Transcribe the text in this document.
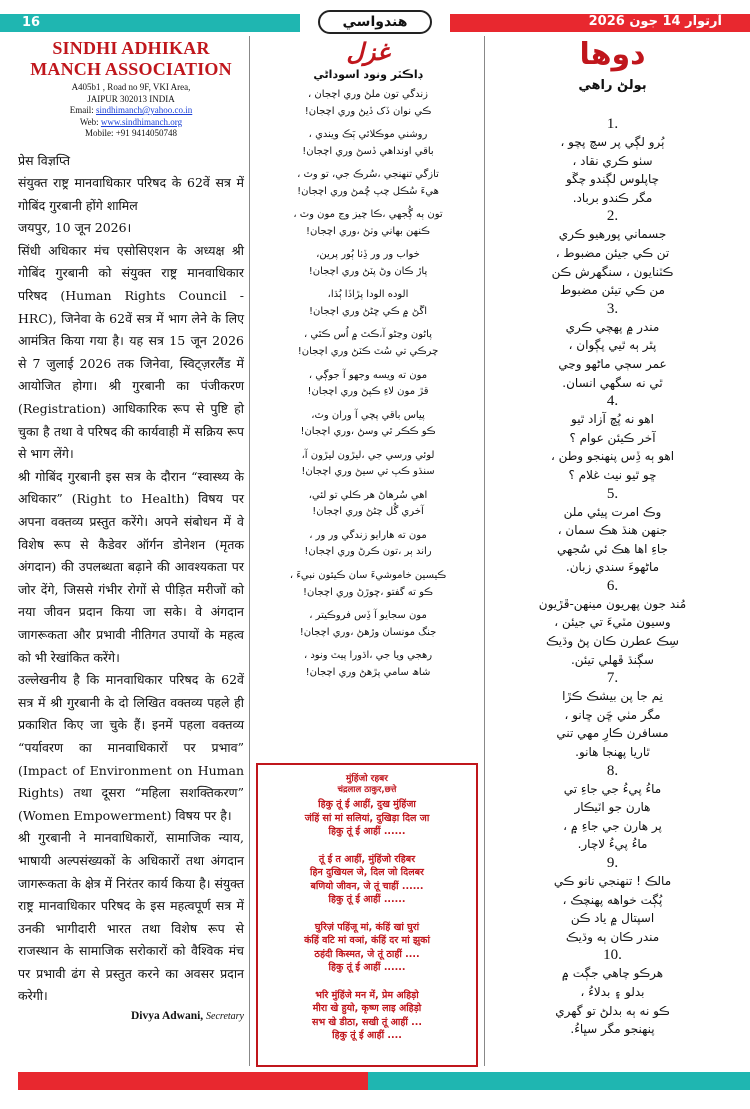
16	ھندواسي	آرتوار 14 جون 2026
SINDHI ADHIKAR
MANCH ASSOCIATION
A405b1 , Road no 9F, VKI Area,
JAIPUR 302013 INDIA
Email: sindhimanch@yahoo.co.in
Web: www.sindhimanch.org
Mobile: +91 9414050748

प्रेस विज्ञप्ति

संयुक्त राष्ट्र मानवाधिकार परिषद के 62वें सत्र में गोबिंद गुरबानी होंगे शामिल

जयपुर, 10 जून 2026।

सिंधी अधिकार मंच एसोसिएशन के अध्यक्ष श्री गोबिंद गुरबानी को संयुक्त राष्ट्र मानवाधिकार परिषद (Human Rights Council - HRC), जिनेवा के 62वें सत्र में भाग लेने के लिए आमंत्रित किया गया है। यह सत्र 15 जून 2026 से 7 जुलाई 2026 तक जिनेवा, स्विट्ज़रलैंड में आयोजित होगा। श्री गुरबानी का पंजीकरण (Registration) आधिकारिक रूप से पुष्टि हो चुका है तथा वे परिषद की कार्यवाही में सक्रिय रूप से भाग लेंगे।

श्री गोबिंद गुरबानी इस सत्र के दौरान “स्वास्थ्य के अधिकार” (Right to Health) विषय पर अपना वक्तव्य प्रस्तुत करेंगे। अपने संबोधन में वे विशेष रूप से कैडेवर ऑर्गन डोनेशन (मृतक अंगदान) की उपलब्धता बढ़ाने की आवश्यकता पर जोर देंगे, जिससे गंभीर रोगों से पीड़ित मरीजों को नया जीवन प्रदान किया जा सके। वे अंगदान जागरूकता और प्रभावी नीतिगत उपायों के महत्व को भी रेखांकित करेंगे।

उल्लेखनीय है कि मानवाधिकार परिषद के 62वें सत्र में श्री गुरबानी के दो लिखित वक्तव्य पहले ही प्रकाशित किए जा चुके हैं। इनमें पहला वक्तव्य “पर्यावरण का मानवाधिकारों पर प्रभाव” (Impact of Environment on Human Rights) तथा दूसरा “महिला सशक्तिकरण” (Women Empowerment) विषय पर है।

श्री गुरबानी ने मानवाधिकारों, सामाजिक न्याय, भाषायी अल्पसंख्यकों के अधिकारों तथा अंगदान जागरूकता के क्षेत्र में निरंतर कार्य किया है। संयुक्त राष्ट्र मानवाधिकार परिषद के इस महत्वपूर्ण सत्र में उनकी भागीदारी भारत तथा विशेष रूप से राजस्थान के सामाजिक सरोकारों को वैश्विक मंच पर प्रभावी ढंग से प्रस्तुत करने का अवसर प्रदान करेगी।

Divya Adwani, Secretary
غزل
ڊاڪٽر ونود اسوداڻي
زندگي تون ملڻ وري اچجان ،
ڪي نوان ڏک ڏيڻ وري اچجان!
روشني موڪلائي ٻَڪ ويندي ،
باقي اونداهي ڏسڻ وري اچجان!
تازگي تنهنجي ،سُرڪ جي، تو وٽ ،
هيءَ سُڪل چپ ڇُمڻ وري اچجان!
تون ٻه ڳُجهي ،ڪا چيز وڃ مون وٽ ،
ڪنهن بهاني وٺڻ ،وري اچجان!
خواب ور ور ڏِٺا ٻُور پرين،
پاڙ ڪان وڻ پٽڻ وري اچجان!
الوده الودا پڙاڏا ٻُڌا،
اڱڻ ۾ ڪي ڇڻڻ وري اچجان!
پاڻون وڃڻو آ،ڪٿ ۾ اُس ڪٿي ،
چرڪي تي سُٽ ڪٽڻ وري اچجان!
مون ته ويسه وجهو آ جوڳي ،
قڙ مون لاءِ ڪپڻ وري اچجان!
پياس باقي پچي آ وران وٽ،
ڪو ڪڪر ٿي وسڻ ،وري اچجان!
لوئي ورسي جي ،ليڙون ليڙون آ،
سنڌو ڪپ تي سيڻ وري اچجان!
اهي سُرهاڻ هر ڪلي تو لئي،
آخري گُل چڻڻ وري اچجان!
مون ته هارايو زندگي ور ور ،
راند ٻر ،تون ڪرڻ وري اچجان!
ڪيسين خاموشيءَ سان ڪيئون نبيءَ ،
ڪو ته گفتو ،ڇوڙڻ وري اچجان!
مون سجايو آ ڏِس فروڪيتر ،
جنگ مونسان وڙهڻ ،وري اچجان!
رهجي ويا جي ،اڌورا پيٽ ونود ،
شاھ سامي پڙهڻ وري اچجان!
मुंहिंजो रहबर
चंद्रलाल ठाकुर,छत्ते
हिकु तूं ई आहीं, दुख मुंहिंजा
जंहिं सां मां सलियां, दुखिड़ा दिल जा
हिकु तूं ई आहीं ......
तूं ई त आहीं, मुंहिंजो रहिबर
हिन दुखियल जे, दिल जो दिलबर
बणियो जीवन, जे तूं चाहीं ......
हिकु तूं ई आहीं ......
घुरिज़ं पहिंजू मां, कंहिं खां घुरां
कंहिं वटि मां वञां, कंहिं दर मां झुकां
ठहंदी किस्मत, जे तूं ठाहीं ....
हिकु तूं ई आहीं ......
भरि मुंहिंजे मन में, प्रेम अहिड़ो
मीरा खे हुयो, कृष्ण लाइ अहिड़ो
सभ खे डीठा, सखी तूं आहीं ...
हिकु तूं ई आहीं ....
دوھا
ٻولڻ راهي
1.
ٻُرو لڳي پر سچ پچو ،
سٺو ڪري نقاد ،
چاپلوس لڳندو چڱو
مگر ڪندو برباد.
2.
جسماني پورهيو ڪري
تن ڪي جيئن مضبوط ،
ڪٽنايون ، سنگهرش ڪن
من ڪي تيئن مضبوط
3.
مندر ۾ پهچي ڪري
پٿر ٻه ٿيي پڳوان ،
عمر سڄي ماڻهو وڃي
ٿي نه سگهي انسان.
4.
اهو نه پُڇ آزاد ٿيو
آخر ڪيئن عوام ؟
اهو ٻه ڏِس پنهنجو وطن ،
ڇو ٿيو نيٺ غلام ؟
5.
وڪ امرت پيئي ملن
جنهن هنڌ هڪ سمان ،
جاءِ اها هڪ ئي سُجهي
ماڻهوءَ سندي زبان.
6.
مُند جون پهريون مينهن-ڦڙيون
وسيون مٽيءَ تي جيئن ،
سِڪ عطرن ڪان پڻ وڌيڪ
سڳنڌ ڦهلي تيئن.
7.
نِم جا پن بيشڪ ڪڙا
مگر مٺي ڇَن ڇانو ،
مسافرن ڪارِ مهي تني
ٿاريا پهنجا هانو.
8.
ماءُ پيءُ جي جاءِ تي
هارن جو اٽيڪار
پر هارن جي جاءِ ۾ ،
ماءُ پيءُ لاچار.
9.
مالڪ ! تنهنجي نانو ڪي
پُڳت خواهه پهنچڪ ،
اسپتال ۾ ياد ڪن
مندر ڪان ٻه وڌيڪ
10.
هرڪو چاهي جڳت ۾
بدلو ۽ بدلاءُ ،
ڪو نه ٻه بدلڻ تو گهري
پنهنجو مگر سڀاءُ.
